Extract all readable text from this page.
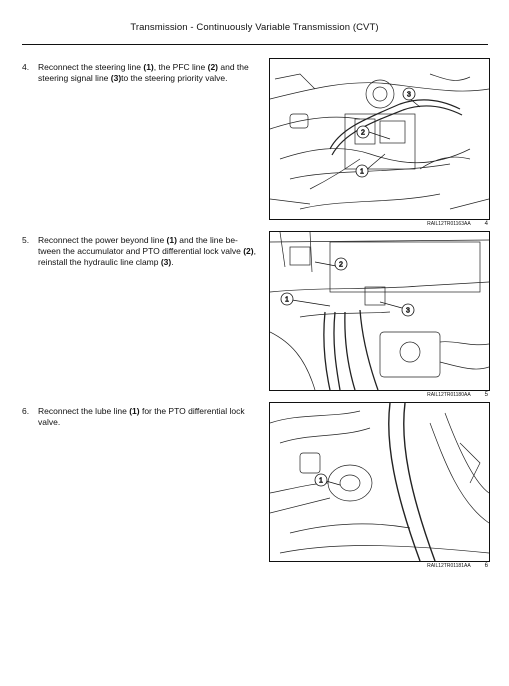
Transmission - Continuously Variable Transmission (CVT)
4. Reconnect the steering line (1), the PFC line (2) and the steering signal line (3)to the steering priority valve.
1
2
3
RAIL12TR01163AA 4
5. Reconnect the power beyond line (1) and the line be-tween the accumulator and PTO differential lock valve (2), reinstall the hydraulic line clamp (3).
1
2
3
RAIL12TR01180AA 5
6. Reconnect the lube line (1) for the PTO differential lock valve.
1
RAIL12TR01181AA 6
